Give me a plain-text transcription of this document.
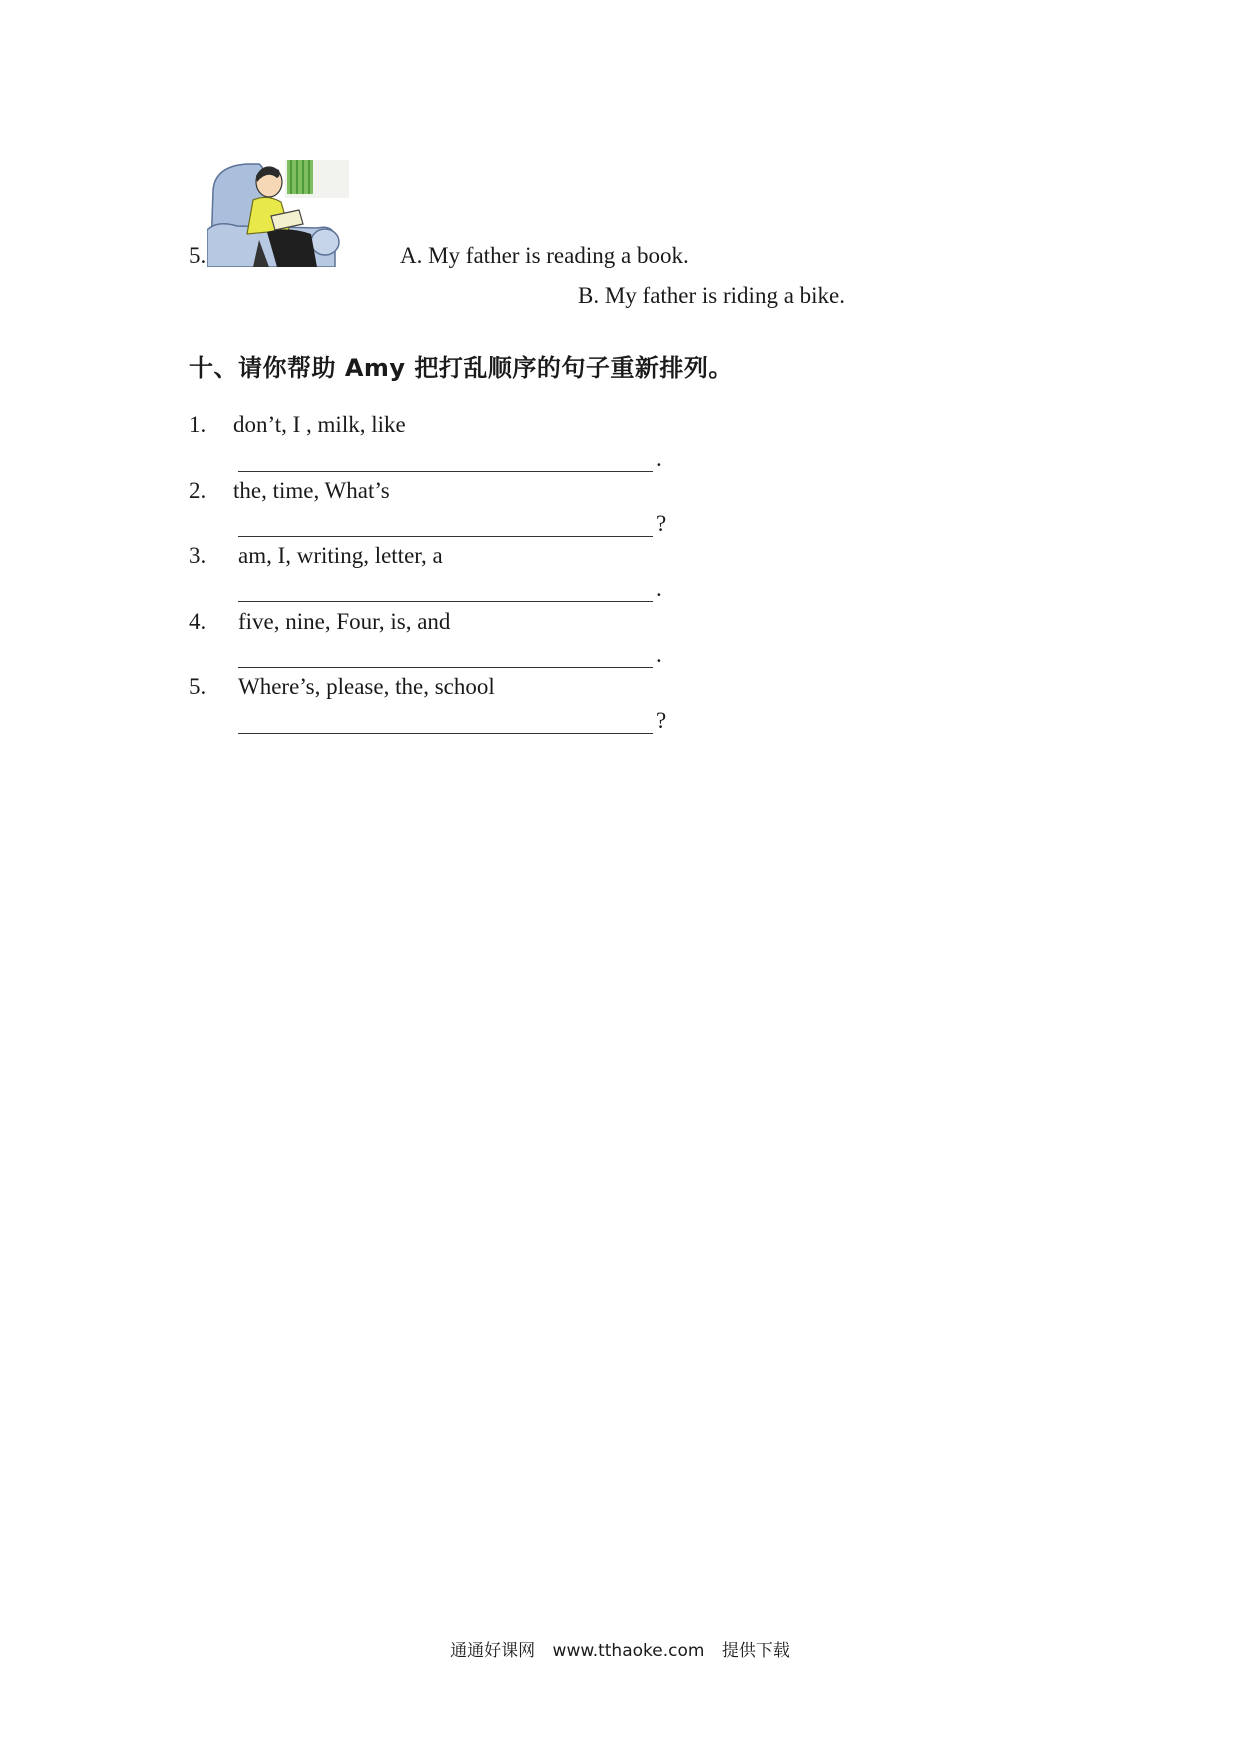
5.	A. My father is reading a book.
B. My father is riding a bike.
十、请你帮助 Amy 把打乱顺序的句子重新排列。
1. don’t, I , milk, like
.
2. the, time, What’s
?
3. am, I, writing, letter, a
.
4. five, nine, Four, is, and
.
5. Where’s, please, the, school
?
通通好课网 www.tthaoke.com 提供下载
